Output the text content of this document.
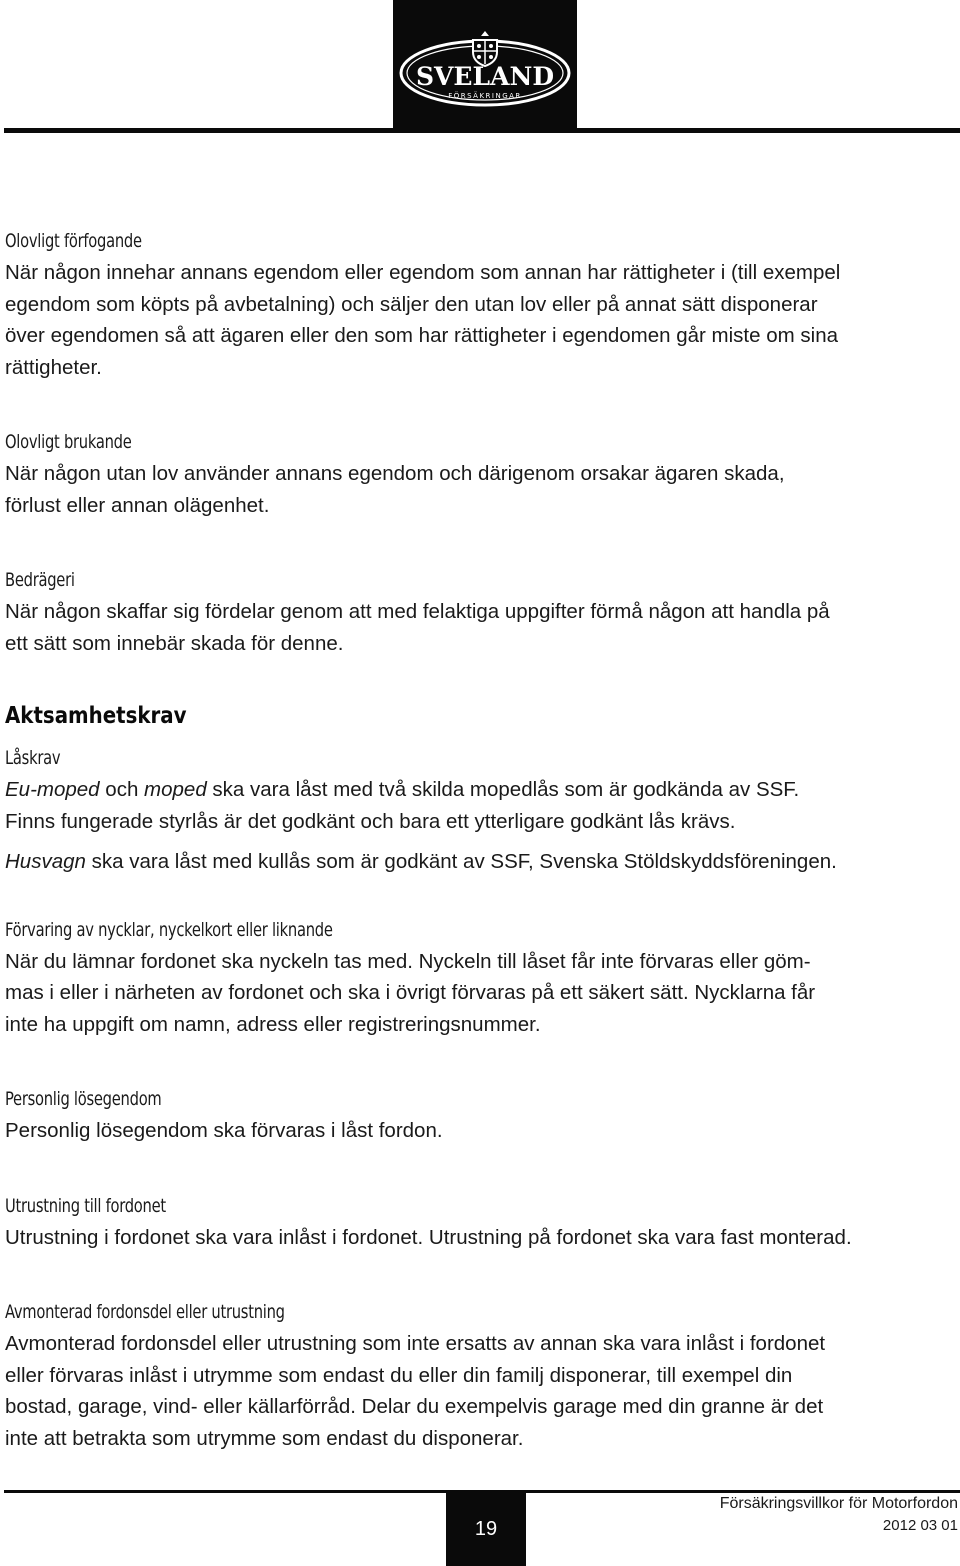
SVELAND
FÖRSÄKRINGAR
Olovligt förfogande

När någon innehar annans egendom eller egendom som annan har rättigheter i (till exempel
egendom som köpts på avbetalning) och säljer den utan lov eller på annat sätt disponerar
över egendomen så att ägaren eller den som har rättigheter i egendomen går miste om sina
rättigheter.

Olovligt brukande

När någon utan lov använder annans egendom och därigenom orsakar ägaren skada,
förlust eller annan olägenhet.

Bedrägeri

När någon skaffar sig fördelar genom att med felaktiga uppgifter förmå någon att handla på
ett sätt som innebär skada för denne.

Aktsamhetskrav
Låskrav

Eu-moped och moped ska vara låst med två skilda mopedlås som är godkända av SSF.
Finns fungerade styrlås är det godkänt och bara ett ytterligare godkänt lås krävs.
Husvagn ska vara låst med kullås som är godkänt av SSF, Svenska Stöldskyddsföreningen.

Förvaring av nycklar, nyckelkort eller liknande

När du lämnar fordonet ska nyckeln tas med. Nyckeln till låset får inte förvaras eller göm-
mas i eller i närheten av fordonet och ska i övrigt förvaras på ett säkert sätt. Nycklarna får
inte ha uppgift om namn, adress eller registreringsnummer.

Personlig lösegendom

Personlig lösegendom ska förvaras i låst fordon.

Utrustning till fordonet

Utrustning i fordonet ska vara inlåst i fordonet. Utrustning på fordonet ska vara fast monterad.

Avmonterad fordonsdel eller utrustning

Avmonterad fordonsdel eller utrustning som inte ersatts av annan ska vara inlåst i fordonet
eller förvaras inlåst i utrymme som endast du eller din familj disponerar, till exempel din
bostad, garage, vind- eller källarförråd. Delar du exempelvis garage med din granne är det
inte att betrakta som utrymme som endast du disponerar.

19
Försäkringsvillkor för Motorfordon
2012 03 01
